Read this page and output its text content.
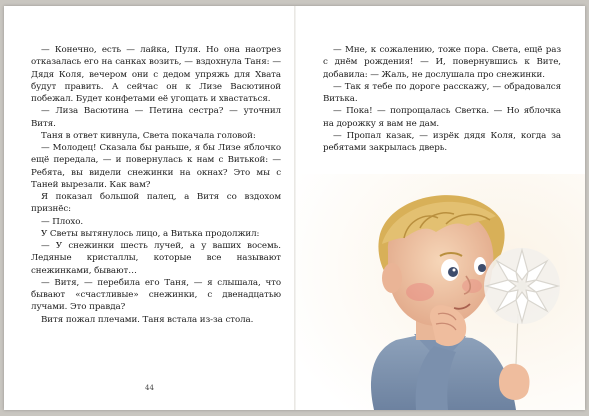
— Конечно, есть — лайка, Пуля. Но она наотрез отказалась его на санках возить, — вздохнула Таня: — Дядя Коля, вечером они с дедом упряжь для Хвата будут править. А сейчас он к Лизе Васютиной побежал. Будет конфетами её угощать и хвастаться.

— Лиза Васютина — Петина сестра? — уточнил Витя.

Таня в ответ кивнула, Света покачала головой:

— Молодец! Сказала бы раньше, я бы Лизе яблочко ещё передала, — и повернулась к нам с Витькой: — Ребята, вы видели снежинки на окнах? Это мы с Таней вырезали. Как вам?

Я показал большой палец, а Витя со вздохом признёс:

— Плохо.

У Светы вытянулось лицо, а Витька продолжил:

— У снежинки шесть лучей, а у ваших восемь. Ледяные кристаллы, которые все называют снежинками, бывают…

— Витя, — перебила его Таня, — я слышала, что бывают «счастливые» снежинки, с двенадцатью лучами. Это правда?

Витя пожал плечами. Таня встала из-за стола.

44

— Мне, к сожалению, тоже пора. Света, ещё раз с днём рождения! — И, повернувшись к Вите, добавила: — Жаль, не дослушала про снежинки.

— Так я тебе по дороге расскажу, — обрадовался Витька.

— Пока! — попрощалась Светка. — Но яблочка на дорожку я вам не дам.

— Пропал казак, — изрёк дядя Коля, когда за ребятами закрылась дверь.
